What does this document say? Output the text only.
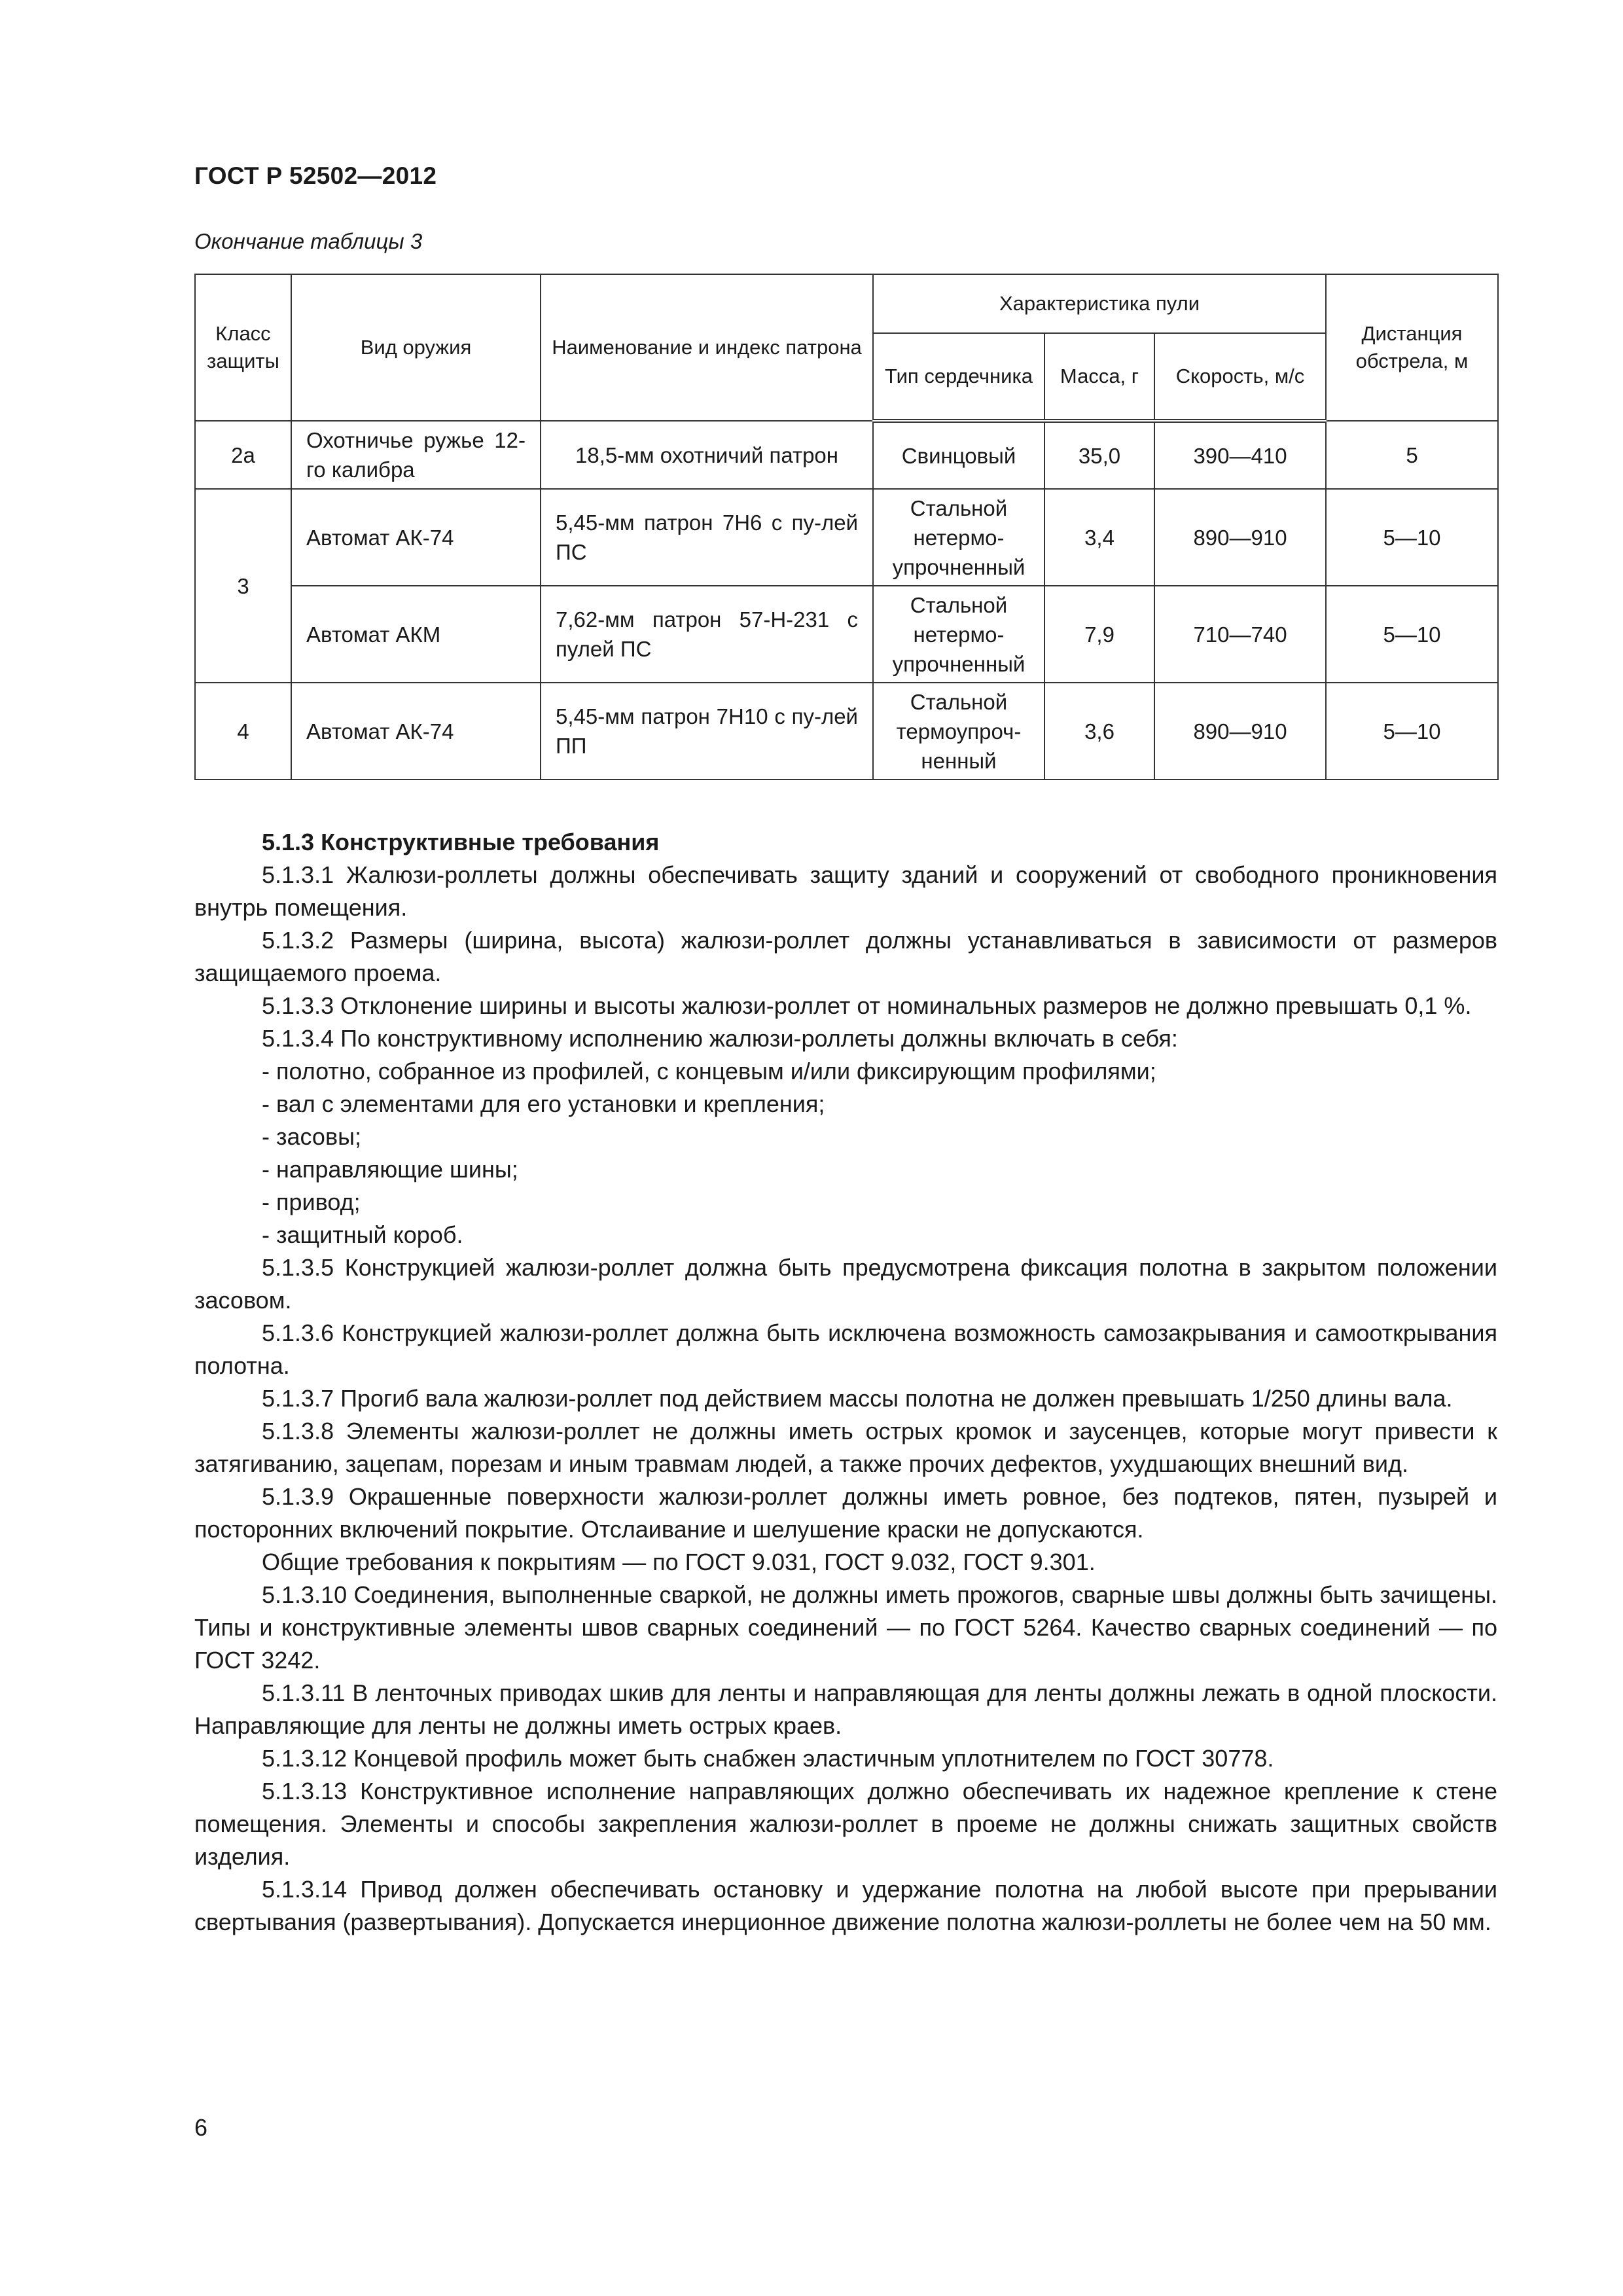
ГОСТ Р 52502—2012
Окончание таблицы 3
Класс защиты	Вид оружия	Наименование и индекс патрона	Характеристика пули			Дистанция обстрела, м
			Тип сердечника	Масса, г	Скорость, м/с	
2а	Охотничье ружье 12-го калибра	18,5-мм охотничий патрон	Свинцовый	35,0	390—410	5
3	Автомат АК-74	5,45-мм патрон 7Н6 с пу-лей ПС	Стальной нетермо-упрочненный	3,4	890—910	5—10
	Автомат АКМ	7,62-мм патрон 57-Н-231 с пулей ПС	Стальной нетермо-упрочненный	7,9	710—740	5—10
4	Автомат АК-74	5,45-мм патрон 7Н10 с пу-лей ПП	Стальной термоупроч-ненный	3,6	890—910	5—10

5.1.3 Конструктивные требования

5.1.3.1 Жалюзи-роллеты должны обеспечивать защиту зданий и сооружений от свободного проникновения внутрь помещения.

5.1.3.2 Размеры (ширина, высота) жалюзи-роллет должны устанавливаться в зависимости от размеров защищаемого проема.

5.1.3.3 Отклонение ширины и высоты жалюзи-роллет от номинальных размеров не должно превышать 0,1 %.

5.1.3.4 По конструктивному исполнению жалюзи-роллеты должны включать в себя:

- полотно, собранное из профилей, с концевым и/или фиксирующим профилями;

- вал с элементами для его установки и крепления;

- засовы;

- направляющие шины;

- привод;

- защитный короб.

5.1.3.5 Конструкцией жалюзи-роллет должна быть предусмотрена фиксация полотна в закрытом положении засовом.

5.1.3.6 Конструкцией жалюзи-роллет должна быть исключена возможность самозакрывания и самооткрывания полотна.

5.1.3.7 Прогиб вала жалюзи-роллет под действием массы полотна не должен превышать 1/250 длины вала.

5.1.3.8 Элементы жалюзи-роллет не должны иметь острых кромок и заусенцев, которые могут привести к затягиванию, зацепам, порезам и иным травмам людей, а также прочих дефектов, ухудшающих внешний вид.

5.1.3.9 Окрашенные поверхности жалюзи-роллет должны иметь ровное, без подтеков, пятен, пузырей и посторонних включений покрытие. Отслаивание и шелушение краски не допускаются.

Общие требования к покрытиям — по ГОСТ 9.031, ГОСТ 9.032, ГОСТ 9.301.

5.1.3.10 Соединения, выполненные сваркой, не должны иметь прожогов, сварные швы должны быть зачищены. Типы и конструктивные элементы швов сварных соединений — по ГОСТ 5264. Качество сварных соединений — по ГОСТ 3242.

5.1.3.11 В ленточных приводах шкив для ленты и направляющая для ленты должны лежать в одной плоскости. Направляющие для ленты не должны иметь острых краев.

5.1.3.12 Концевой профиль может быть снабжен эластичным уплотнителем по ГОСТ 30778.

5.1.3.13 Конструктивное исполнение направляющих должно обеспечивать их надежное крепление к стене помещения. Элементы и способы закрепления жалюзи-роллет в проеме не должны снижать защитных свойств изделия.

5.1.3.14 Привод должен обеспечивать остановку и удержание полотна на любой высоте при прерывании свертывания (развертывания). Допускается инерционное движение полотна жалюзи-роллеты не более чем на 50 мм.

6
